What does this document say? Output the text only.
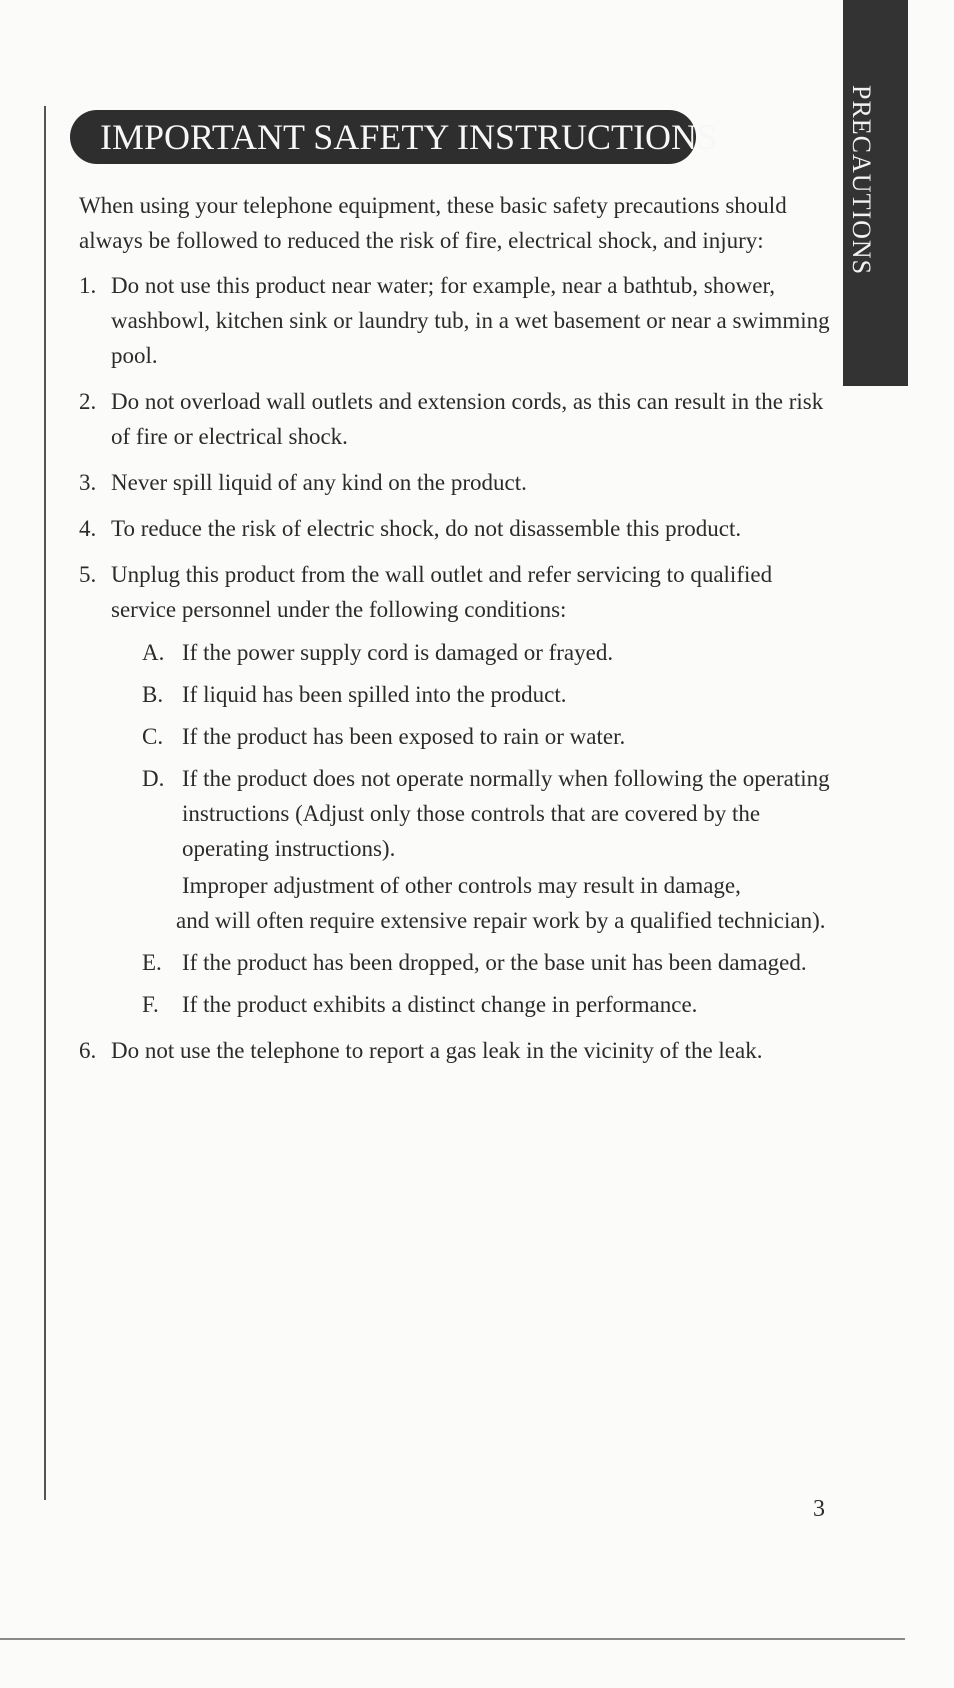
PRECAUTIONS
IMPORTANT SAFETY INSTRUCTIONS

When using your telephone equipment, these basic safety precautions should always be followed to reduced the risk of fire, electrical shock, and injury:

1. Do not use this product near water; for example, near a bathtub, shower, washbowl, kitchen sink or laundry tub, in a wet basement or near a swimming pool.
2. Do not overload wall outlets and extension cords, as this can result in the risk of fire or electrical shock.
3. Never spill liquid of any kind on the product.
4. To reduce the risk of electric shock, do not disassemble this product.
5. Unplug this product from the wall outlet and refer servicing to qualified service personnel under the following conditions:
A. If the power supply cord is damaged or frayed.
B. If liquid has been spilled into the product.
C. If the product has been exposed to rain or water.
D. If the product does not operate normally when following the operating instructions (Adjust only those controls that are covered by the operating instructions).
Improper adjustment of other controls may result in damage,
and will often require extensive repair work by a qualified technician).
E. If the product has been dropped, or the base unit has been damaged.
F. If the product exhibits a distinct change in performance.
6. Do not use the telephone to report a gas leak in the vicinity of the leak.
3
